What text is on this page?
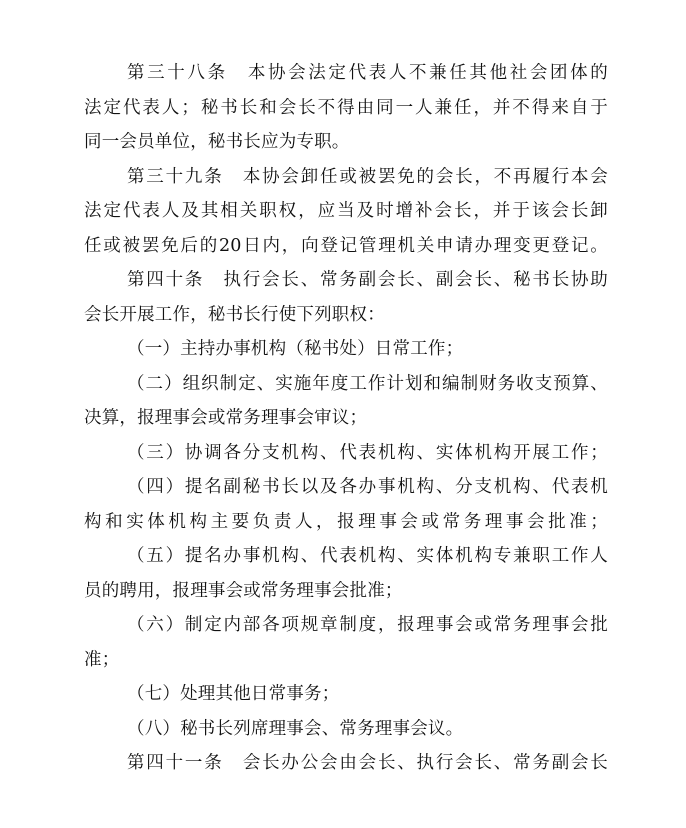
第三十八条　本协会法定代表人不兼任其他社会团体的
法定代表人；秘书长和会长不得由同一人兼任，并不得来自于
同一会员单位，秘书长应为专职。
第三十九条　本协会卸任或被罢免的会长，不再履行本会
法定代表人及其相关职权，应当及时增补会长，并于该会长卸
任或被罢免后的20日内，向登记管理机关申请办理变更登记。
第四十条　执行会长、常务副会长、副会长、秘书长协助
会长开展工作，秘书长行使下列职权：
（一）主持办事机构（秘书处）日常工作；
（二）组织制定、实施年度工作计划和编制财务收支预算、
决算，报理事会或常务理事会审议；
（三）协调各分支机构、代表机构、实体机构开展工作；
（四）提名副秘书长以及各办事机构、分支机构、代表机
构和实体机构主要负责人，报理事会或常务理事会批准；
（五）提名办事机构、代表机构、实体机构专兼职工作人
员的聘用，报理事会或常务理事会批准；
（六）制定内部各项规章制度，报理事会或常务理事会批
准；
（七）处理其他日常事务；
（八）秘书长列席理事会、常务理事会议。
第四十一条　会长办公会由会长、执行会长、常务副会长
